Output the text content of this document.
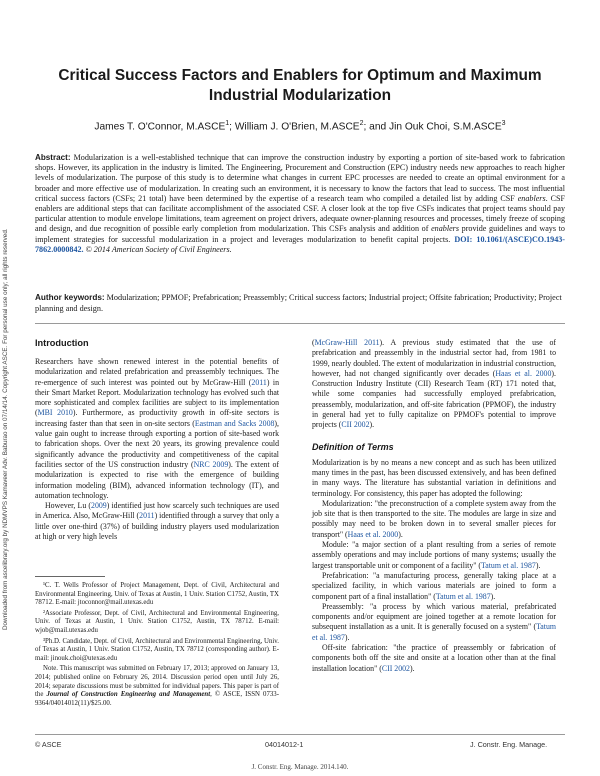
Downloaded from ascelibrary.org by NDMVPS Kamaveer Adv. Baburao on 07/14/14. Copyright ASCE. For personal use only; all rights reserved.
Critical Success Factors and Enablers for Optimum and Maximum Industrial Modularization
James T. O'Connor, M.ASCE$^1$; William J. O'Brien, M.ASCE$^2$; and Jin Ouk Choi, S.M.ASCE$^3$

Abstract: Modularization is a well-established technique that can improve the construction industry by exporting a portion of site-based work to fabrication shops. However, its application in the industry is limited. The Engineering, Procurement and Construction (EPC) industry needs new approaches to reach higher levels of modularization. The purpose of this study is to determine what changes in current EPC processes are needed to create an optimal environment for a broader and more effective use of modularization. In creating such an environment, it is necessary to know the factors that lead to success. The most influential critical success factors (CSFs; 21 total) have been determined by the expertise of a research team who compiled a detailed list by adding CSF enablers. CSF enablers are additional steps that can facilitate accomplishment of the associated CSF. A closer look at the top five CSFs indicates that project teams should pay particular attention to module envelope limitations, team agreement on project drivers, adequate owner-planning resources and processes, timely freeze of scoping and design, and due recognition of possible early completion from modularization. This CSFs analysis and addition of enablers provide guidelines and ways to implement strategies for successful modularization in a project and leverages modularization to benefit capital projects. DOI: 10.1061/(ASCE)CO.1943-7862.0000842. © 2014 American Society of Civil Engineers.

Author keywords: Modularization; PPMOF; Prefabrication; Preassembly; Critical success factors; Industrial project; Offsite fabrication; Productivity; Project planning and design.

Introduction

Researchers have shown renewed interest in the potential benefits of modularization and related prefabrication and preassembly techniques. The re-emergence of such interest was pointed out by McGraw-Hill (2011) in their Smart Market Report. Modularization technology has evolved such that more sophisticated and complex facilities are subject to its implementation (MBI 2010). Furthermore, as productivity growth in off-site sectors is increasing faster than that seen in on-site sectors (Eastman and Sacks 2008), value gain ought to increase through exporting a portion of site-based work to fabrication shops. Over the next 20 years, its growing prevalence could significantly advance the productivity and competitiveness of the capital facilities sector of the US construction industry (NRC 2009). The extent of modularization is expected to rise with the emergence of building information modeling (BIM), advanced information technology (IT), and automation technology.

However, Lu (2009) identified just how scarcely such techniques are used in America. Also, McGraw-Hill (2011) identified through a survey that only a little over one-third (37%) of building industry players used modularization at high or very high levels

¹C. T. Wells Professor of Project Management, Dept. of Civil, Architectural and Environmental Engineering, Univ. of Texas at Austin, 1 Univ. Station C1752, Austin, TX 78712. E-mail: jtoconnor@mail.utexas.edu

²Associate Professor, Dept. of Civil, Architectural and Environmental Engineering, Univ. of Texas at Austin, 1 Univ. Station C1752, Austin, TX 78712. E-mail: wjob@mail.utexas.edu

³Ph.D. Candidate, Dept. of Civil, Architectural and Environmental Engineering, Univ. of Texas at Austin, 1 Univ. Station C1752, Austin, TX 78712 (corresponding author). E-mail: jinouk.choi@utexas.edu

Note. This manuscript was submitted on February 17, 2013; approved on January 13, 2014; published online on February 26, 2014. Discussion period open until July 26, 2014; separate discussions must be submitted for individual papers. This paper is part of the Journal of Construction Engineering and Management, © ASCE, ISSN 0733-9364/04014012(11)/$25.00.

(McGraw-Hill 2011). A previous study estimated that the use of prefabrication and preassembly in the industrial sector had, from 1981 to 1999, nearly doubled. The extent of modularization in industrial construction, however, had not changed significantly over decades (Haas et al. 2000). Construction Industry Institute (CII) Research Team (RT) 171 noted that, while some companies had successfully employed prefabrication, preassembly, modularization, and off-site fabrication (PPMOF), the industry in general had yet to fully capitalize on PPMOF's potential to improve projects (CII 2002).

Definition of Terms

Modularization is by no means a new concept and as such has been utilized many times in the past, has been discussed extensively, and has been defined in many ways. The literature has substantial variation in definitions and terminology. For consistency, this paper has adopted the following:

Modularization: "the preconstruction of a complete system away from the job site that is then transported to the site. The modules are large in size and possibly may need to be broken down in to several smaller pieces for transport" (Haas et al. 2000).

Module: "a major section of a plant resulting from a series of remote assembly operations and may include portions of many systems; usually the largest transportable unit or component of a facility" (Tatum et al. 1987).

Prefabrication: "a manufacturing process, generally taking place at a specialized facility, in which various materials are joined to form a component part of a final installation" (Tatum et al. 1987).

Preassembly: "a process by which various material, prefabricated components and/or equipment are joined together at a remote location for subsequent installation as a unit. It is generally focused on a system" (Tatum et al. 1987).

Off-site fabrication: "the practice of preassembly or fabrication of components both off the site and onsite at a location other than at the final installation location" (CII 2002).

© ASCE	04014012-1	J. Constr. Eng. Manage.
J. Constr. Eng. Manage. 2014.140.
